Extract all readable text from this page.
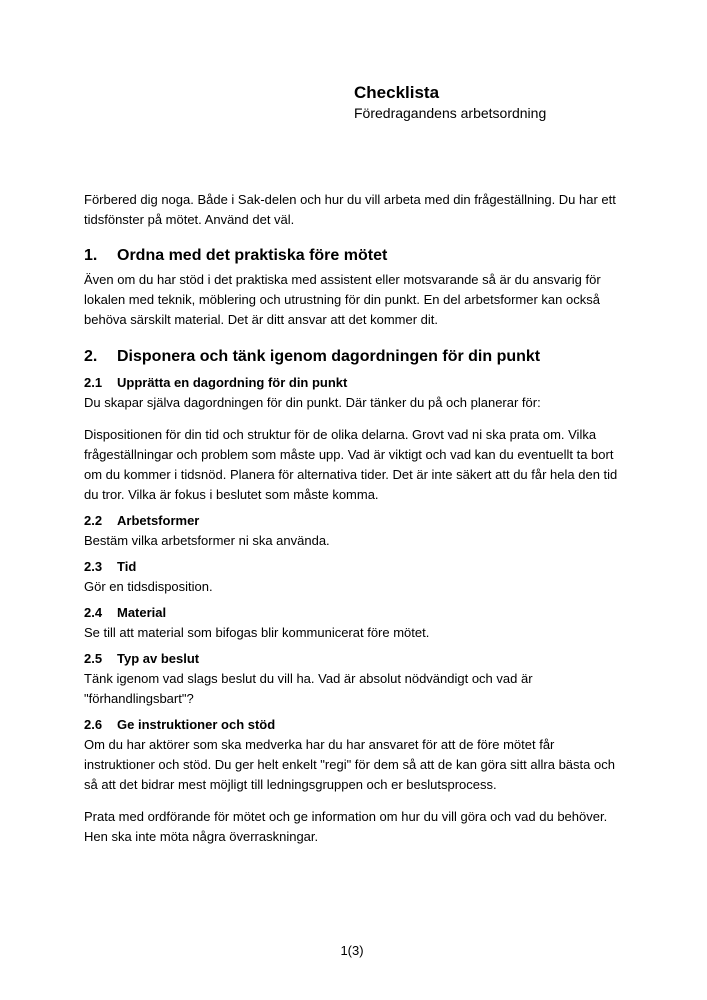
Checklista
Föredragandens arbetsordning

Förbered dig noga. Både i Sak-delen och hur du vill arbeta med din frågeställning. Du har ett tidsfönster på mötet. Använd det väl.

1.	Ordna med det praktiska före mötet

Även om du har stöd i det praktiska med assistent eller motsvarande så är du ansvarig för lokalen med teknik, möblering och utrustning för din punkt. En del arbetsformer kan också behöva särskilt material. Det är ditt ansvar att det kommer dit.

2.	Disponera och tänk igenom dagordningen för din punkt
2.1	Upprätta en dagordning för din punkt

Du skapar själva dagordningen för din punkt. Där tänker du på och planerar för:

Dispositionen för din tid och struktur för de olika delarna. Grovt vad ni ska prata om. Vilka frågeställningar och problem som måste upp. Vad är viktigt och vad kan du eventuellt ta bort om du kommer i tidsnöd. Planera för alternativa tider. Det är inte säkert att du får hela den tid du tror. Vilka är fokus i beslutet som måste komma.

2.2	Arbetsformer

Bestäm vilka arbetsformer ni ska använda.

2.3	Tid

Gör en tidsdisposition.

2.4	Material

Se till att material som bifogas blir kommunicerat före mötet.

2.5	Typ av beslut

Tänk igenom vad slags beslut du vill ha. Vad är absolut nödvändigt och vad är "förhandlingsbart"?

2.6	Ge instruktioner och stöd

Om du har aktörer som ska medverka har du har ansvaret för att de före mötet får instruktioner och stöd. Du ger helt enkelt "regi" för dem så att de kan göra sitt allra bästa och så att det bidrar mest möjligt till ledningsgruppen och er beslutsprocess.

Prata med ordförande för mötet och ge information om hur du vill göra och vad du behöver. Hen ska inte möta några överraskningar.

1(3)
